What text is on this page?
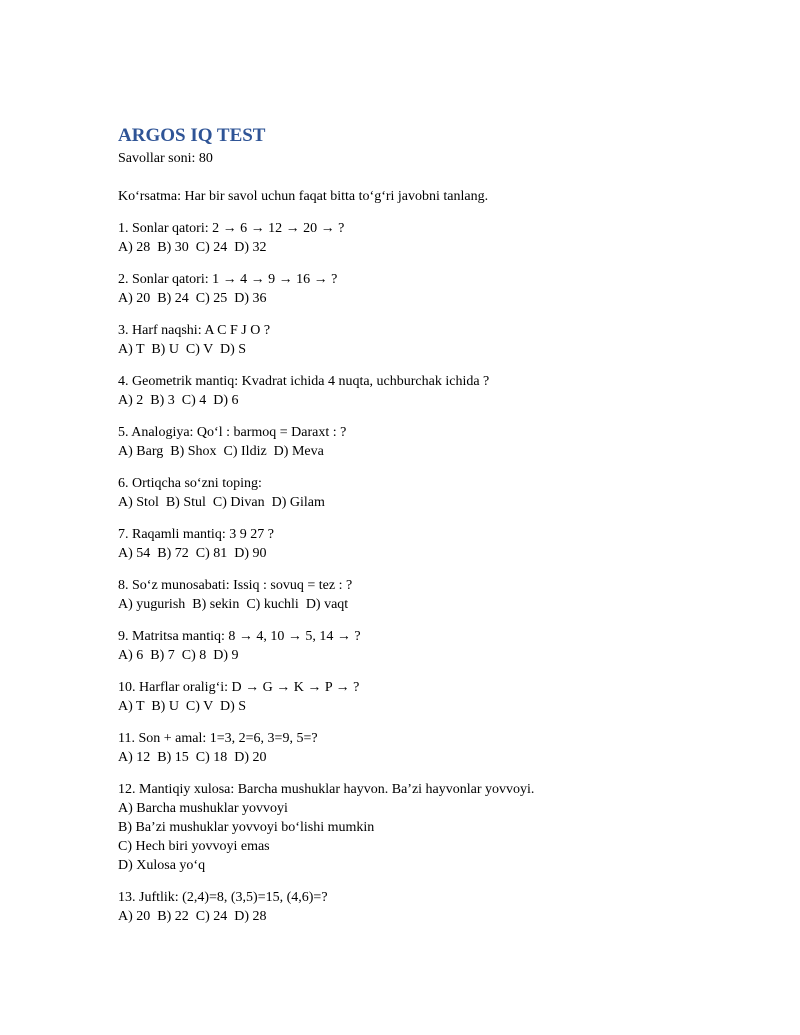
ARGOS IQ TEST

Savollar soni: 80

Ko‘rsatma: Har bir savol uchun faqat bitta to‘g‘ri javobni tanlang.

1. Sonlar qatori: 2 → 6 → 12 → 20 → ?

A) 28  B) 30  C) 24  D) 32

2. Sonlar qatori: 1 → 4 → 9 → 16 → ?

A) 20  B) 24  C) 25  D) 36

3. Harf naqshi: A C F J O ?

A) T  B) U  C) V  D) S

4. Geometrik mantiq: Kvadrat ichida 4 nuqta, uchburchak ichida ?

A) 2  B) 3  C) 4  D) 6

5. Analogiya: Qo‘l : barmoq = Daraxt : ?

A) Barg  B) Shox  C) Ildiz  D) Meva

6. Ortiqcha so‘zni toping:

A) Stol  B) Stul  C) Divan  D) Gilam

7. Raqamli mantiq: 3 9 27 ?

A) 54  B) 72  C) 81  D) 90

8. So‘z munosabati: Issiq : sovuq = tez : ?

A) yugurish  B) sekin  C) kuchli  D) vaqt

9. Matritsa mantiq: 8 → 4, 10 → 5, 14 → ?

A) 6  B) 7  C) 8  D) 9

10. Harflar oralig‘i: D → G → K → P → ?

A) T  B) U  C) V  D) S

11. Son + amal: 1=3, 2=6, 3=9, 5=?

A) 12  B) 15  C) 18  D) 20

12. Mantiqiy xulosa: Barcha mushuklar hayvon. Ba’zi hayvonlar yovvoyi.

A) Barcha mushuklar yovvoyi

B) Ba’zi mushuklar yovvoyi bo‘lishi mumkin

C) Hech biri yovvoyi emas

D) Xulosa yo‘q

13. Juftlik: (2,4)=8, (3,5)=15, (4,6)=?

A) 20  B) 22  C) 24  D) 28
